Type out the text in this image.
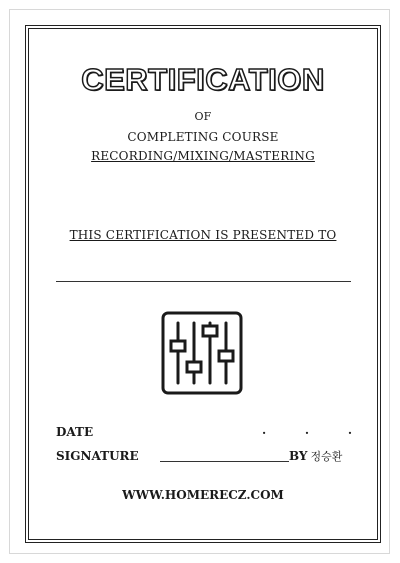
CERTIFICATION
OF
COMPLETING COURSE
RECORDING/MIXING/MASTERING
THIS CERTIFICATION IS PRESENTED TO
DATE	.	.	.
SIGNATURE	BY 정승환
WWW.HOMERECZ.COM
